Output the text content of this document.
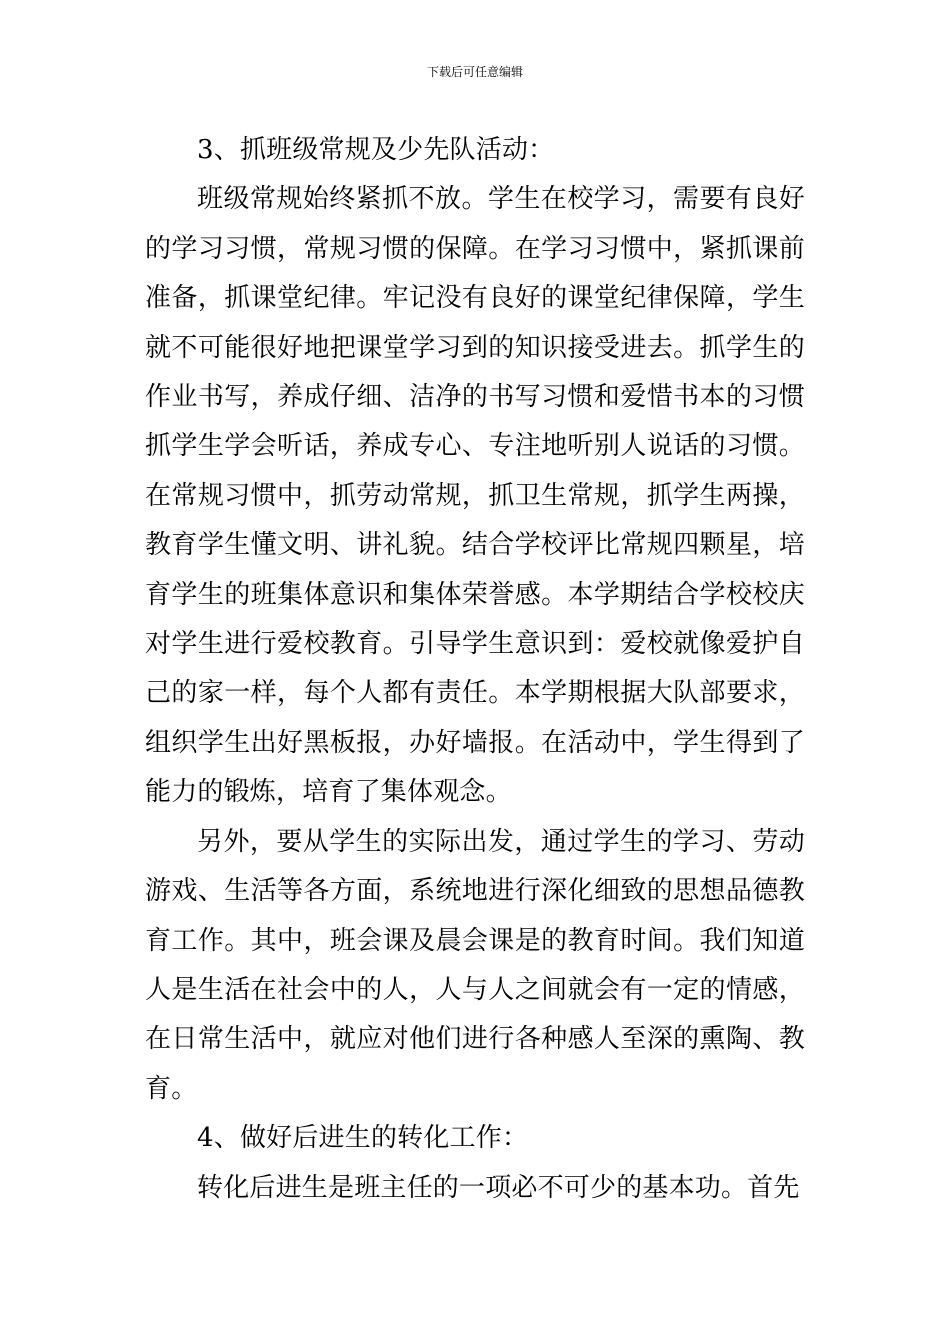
下载后可任意编辑

3、抓班级常规及少先队活动：

班级常规始终紧抓不放。学生在校学习，需要有良好的学习习惯，常规习惯的保障。在学习习惯中，紧抓课前准备，抓课堂纪律。牢记没有良好的课堂纪律保障，学生就不可能很好地把课堂学习到的知识接受进去。抓学生的作业书写，养成仔细、洁净的书写习惯和爱惜书本的习惯抓学生学会听话，养成专心、专注地听别人说话的习惯。在常规习惯中，抓劳动常规，抓卫生常规，抓学生两操，教育学生懂文明、讲礼貌。结合学校评比常规四颗星，培育学生的班集体意识和集体荣誉感。本学期结合学校校庆对学生进行爱校教育。引导学生意识到：爱校就像爱护自己的家一样，每个人都有责任。本学期根据大队部要求，组织学生出好黑板报，办好墙报。在活动中，学生得到了能力的锻炼，培育了集体观念。

另外，要从学生的实际出发，通过学生的学习、劳动游戏、生活等各方面，系统地进行深化细致的思想品德教育工作。其中，班会课及晨会课是的教育时间。我们知道人是生活在社会中的人，人与人之间就会有一定的情感，在日常生活中，就应对他们进行各种感人至深的熏陶、教育。

4、做好后进生的转化工作：

转化后进生是班主任的一项必不可少的基本功。首先
